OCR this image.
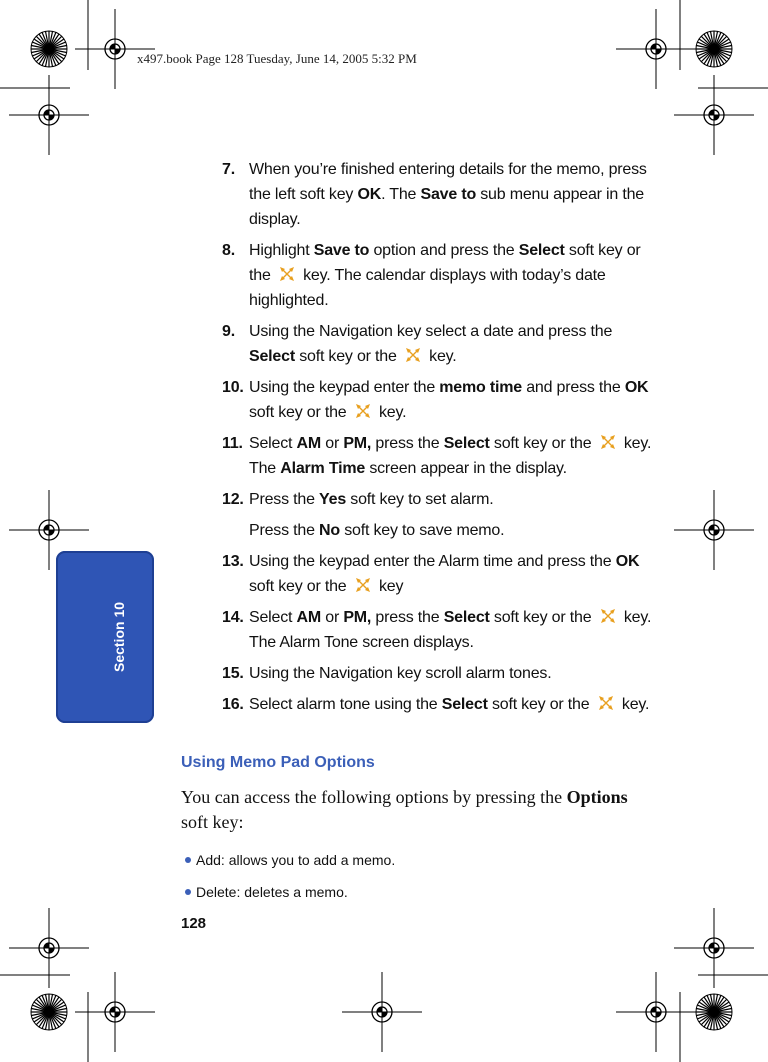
x497.book Page 128 Tuesday, June 14, 2005 5:32 PM
Section 10
7. When you’re finished entering details for the memo, press the left soft key OK. The Save to sub menu appear in the display.
8. Highlight Save to option and press the Select soft key or the  key. The calendar displays with today’s date highlighted.
9. Using the Navigation key select a date and press the Select soft key or the  key.
10. Using the keypad enter the memo time and press the OK soft key or the  key.
11. Select AM or PM, press the Select soft key or the  key. The Alarm Time screen appear in the display.
12. Press the Yes soft key to set alarm.
Press the No soft key to save memo.
13. Using the keypad enter the Alarm time and press the OK soft key or the  key
14. Select AM or PM, press the Select soft key or the  key. The Alarm Tone screen displays.
15. Using the Navigation key scroll alarm tones.
16. Select alarm tone using the Select soft key or the  key.
Using Memo Pad Options
You can access the following options by pressing the Options soft key:
Add: allows you to add a memo.
Delete: deletes a memo.
128
